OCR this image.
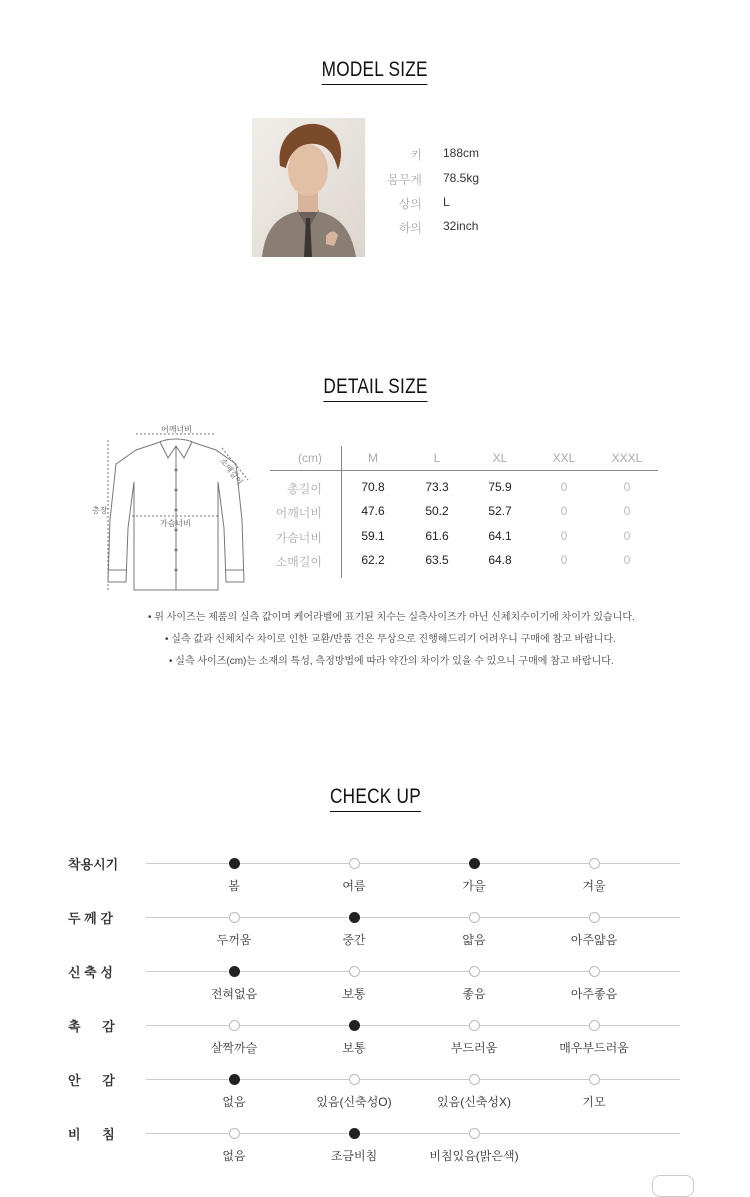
MODEL SIZE
키 188cm
몸무게 78.5kg
상의 L
하의 32inch
DETAIL SIZE
어깨너비
소매길이
총장
가슴너비
(cm)	M	L	XL	XXL	XXXL
총길이	70.8	73.3	75.9	0	0
어깨너비	47.6	50.2	52.7	0	0
가슴너비	59.1	61.6	64.1	0	0
소매길이	62.2	63.5	64.8	0	0
• 위 사이즈는 제품의 실측 값이며 케어라벨에 표기된 치수는 실측사이즈가 아닌 신체치수이기에 차이가 있습니다.
• 실측 값과 신체치수 차이로 인한 교환/반품 건은 무상으로 진행해드리기 어려우니 구매에 참고 바랍니다.
• 실측 사이즈(cm)는 소재의 특성, 측정방법에 따라 약간의 차이가 있을 수 있으니 구매에 참고 바랍니다.
CHECK UP
착용시기
봄	여름	가을	겨울
두 께 감
두꺼움	중간	얇음	아주얇음
신 축 성
전혀없음	보통	좋음	아주좋음
촉      감
살짝까슬	보통	부드러움	매우부드러움
안      감
없음	있음(신축성O)	있음(신축성X)	기모
비      침
없음	조금비침	비침있음(밝은색)
